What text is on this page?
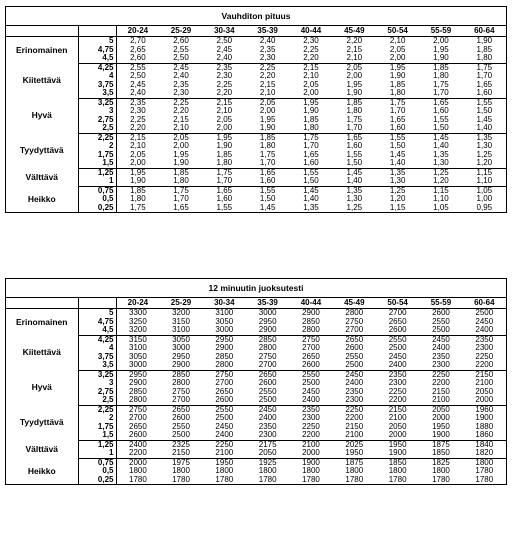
Vauhditon pituus										
		20-24	25-29	30-34	35-39	40-44	45-49	50-54	55-59	60-64
Erinomainen	5	2,70	2,60	2,50	2,40	2,30	2,20	2,10	2,00	1,90
	4,75	2,65	2,55	2,45	2,35	2,25	2,15	2,05	1,95	1,85
	4,5	2,60	2,50	2,40	2,30	2,20	2,10	2,00	1,90	1,80
Kiitettävä	4,25	2,55	2,45	2,35	2,25	2,15	2,05	1,95	1,85	1,75
	4	2,50	2,40	2,30	2,20	2,10	2,00	1,90	1,80	1,70
	3,75	2,45	2,35	2,25	2,15	2,05	1,95	1,85	1,75	1,65
	3,5	2,40	2,30	2,20	2,10	2,00	1,90	1,80	1,70	1,60
Hyvä	3,25	2,35	2,25	2,15	2,05	1,95	1,85	1,75	1,65	1,55
	3	2,30	2,20	2,10	2,00	1,90	1,80	1,70	1,60	1,50
	2,75	2,25	2,15	2,05	1,95	1,85	1,75	1,65	1,55	1,45
	2,5	2,20	2,10	2,00	1,90	1,80	1,70	1,60	1,50	1,40
Tyydyttävä	2,25	2,15	2,05	1,95	1,85	1,75	1,65	1,55	1,45	1,35
	2	2,10	2,00	1,90	1,80	1,70	1,60	1,50	1,40	1,30
	1,75	2,05	1,95	1,85	1,75	1,65	1,55	1,45	1,35	1,25
	1,5	2,00	1,90	1,80	1,70	1,60	1,50	1,40	1,30	1,20
Välttävä	1,25	1,95	1,85	1,75	1,65	1,55	1,45	1,35	1,25	1,15
	1	1,90	1,80	1,70	1,60	1,50	1,40	1,30	1,20	1,10
Heikko	0,75	1,85	1,75	1,65	1,55	1,45	1,35	1,25	1,15	1,05
	0,5	1,80	1,70	1,60	1,50	1,40	1,30	1,20	1,10	1,00
	0,25	1,75	1,65	1,55	1,45	1,35	1,25	1,15	1,05	0,95
12 minuutin juoksutesti										
		20-24	25-29	30-34	35-39	40-44	45-49	50-54	55-59	60-64
Erinomainen	5	3300	3200	3100	3000	2900	2800	2700	2600	2500
	4,75	3250	3150	3050	2950	2850	2750	2650	2550	2450
	4,5	3200	3100	3000	2900	2800	2700	2600	2500	2400
Kiitettävä	4,25	3150	3050	2950	2850	2750	2650	2550	2450	2350
	4	3100	3000	2900	2800	2700	2600	2500	2400	2300
	3,75	3050	2950	2850	2750	2650	2550	2450	2350	2250
	3,5	3000	2900	2800	2700	2600	2500	2400	2300	2200
Hyvä	3,25	2950	2850	2750	2650	2550	2450	2350	2250	2150
	3	2900	2800	2700	2600	2500	2400	2300	2200	2100
	2,75	2850	2750	2650	2550	2450	2350	2250	2150	2050
	2,5	2800	2700	2600	2500	2400	2300	2200	2100	2000
Tyydyttävä	2,25	2750	2650	2550	2450	2350	2250	2150	2050	1960
	2	2700	2600	2500	2400	2300	2200	2100	2000	1900
	1,75	2650	2550	2450	2350	2250	2150	2050	1950	1880
	1,5	2600	2500	2400	2300	2200	2100	2000	1900	1860
Välttävä	1,25	2400	2325	2250	2175	2100	2025	1950	1875	1840
	1	2200	2150	2100	2050	2000	1950	1900	1850	1820
Heikko	0,75	2000	1975	1950	1925	1900	1875	1850	1825	1800
	0,5	1800	1800	1800	1800	1800	1800	1800	1800	1780
	0,25	1780	1780	1780	1780	1780	1780	1780	1780	1780
